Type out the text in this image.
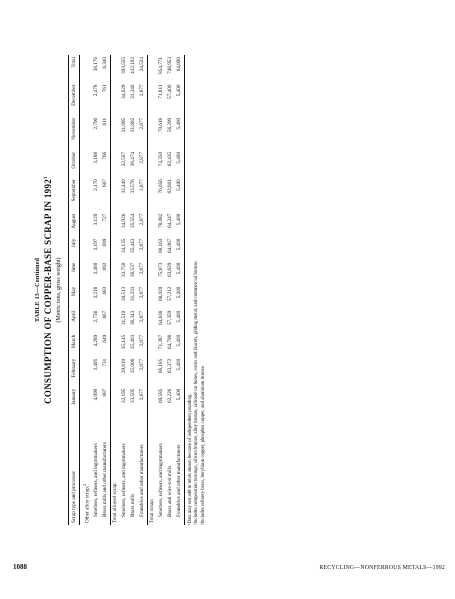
TABLE 13—Continued CONSUMPTION OF COPPER-BASE SCRAP IN 1992$^1$
(Metric tons, gross weight)
Scrap type and processor	January	February	March	April	May	June	July	August	September	October	November	December	Total
Other alloy scrap:$^2$													
Smelters, refiners, and ingotmakers	4,099	3,495	4,289	2,736	3,218	3,480	3,197	3,120	2,170	3,188	2,706	2,478	38,176
Brass mills and other manufacturers	687	731	649	667	683	692	699	727	667	766	611	761	8,340
Total alloyed scrap:													
Smelters, refiners, and ingotmakers	32,195	29,810	35,145	31,510	30,513	33,750	34,135	34,926	32,440	32,507	31,995	34,629	393,555
Brass mills	33,505	35,006	35,403	36,343	31,233	36,537	35,443	35,554	33,576	36,474	31,682	31,346	412,102
Foundries and other manufacturers	2,877	2,877	2,877	2,877	2,877	2,877	2,877	2,877	2,877	2,877	2,877	2,877	34,524
Total scrap:													
Smelters, refiners, and ingotmakers	69,585	66,185	71,387	64,638	68,020	75,873	68,163	78,082	76,056	74,350	70,618	71,811	854,771
Brass and wire-rod mills	62,226	63,372	64,798	57,359	57,212	63,829	64,067	64,247	63,801	62,435	56,299	57,400	748,953
Foundries and other manufacturers	5,400	5,400	5,400	5,400	5,400	5,400	5,400	5,400	5,400	5,400	5,400	5,400	64,800
¹Data may not add to totals shown because of independent rounding. ²Includes composition turnings, silicon bronze, alloy bronze, railroad car boxes, cocks and faucets, gilding metal, and commercial bronze. ³Includes refinery brass, beryllium copper, phosphor copper, and aluminum bronze.
1088	RECYCLING—NONFERROUS METALS—1992
